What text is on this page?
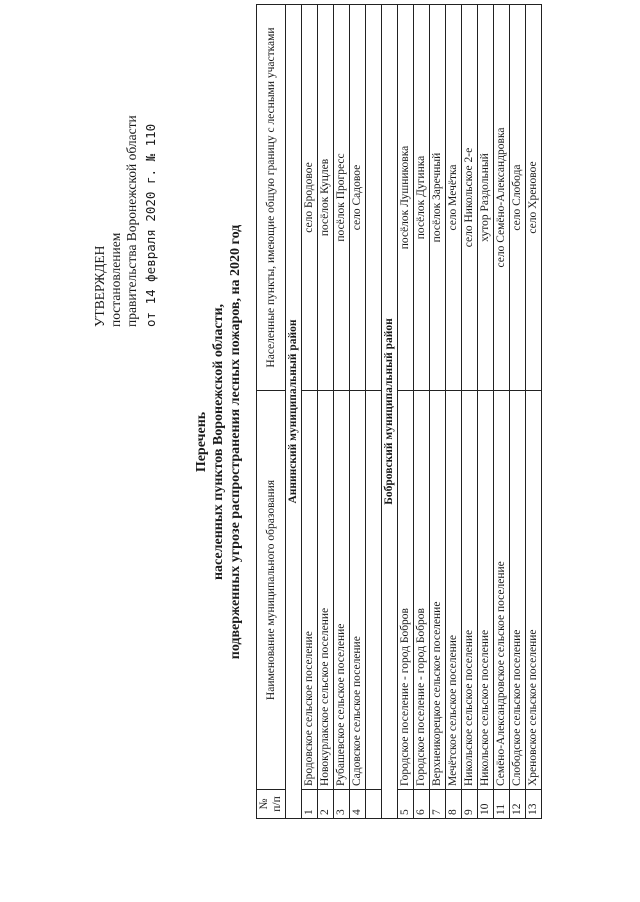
УТВЕРЖДЕН постановлением правительства Воронежской области от 14 февраля 2020 г. № 110
Перечень населенных пунктов Воронежской области, подверженных угрозе распространения лесных пожаров, на 2020 год
№ п/п	Наименование муниципального образования	Населенные пункты, имеющие общую границу с лесными участками
Аннинский муниципальный район		
1	Бродовское сельское поселение	село Бродовое
2	Новокурлакское сельское поселение	посёлок Куцлев
3	Рубашевское сельское поселение	посёлок Прогресс
4	Садовское сельское поселение	село Садовое

Бобровский муниципальный район		
5	Городское поселение - город Бобров	посёлок Лушниковка
6	Городское поселение - город Бобров	посёлок Дугинка
7	Верхнеикорецкое сельское поселение	посёлок Заречный
8	Мечётское сельское поселение	село Мечётка
9	Никольское сельское поселение	село Никольское 2-е
10	Никольское сельское поселение	хутор Раздольный
11	Семёно-Александровское сельское поселение	село Семёно-Александровка
12	Слободское сельское поселение	село Слобода
13	Хреновское сельское поселение	село Хреновое
